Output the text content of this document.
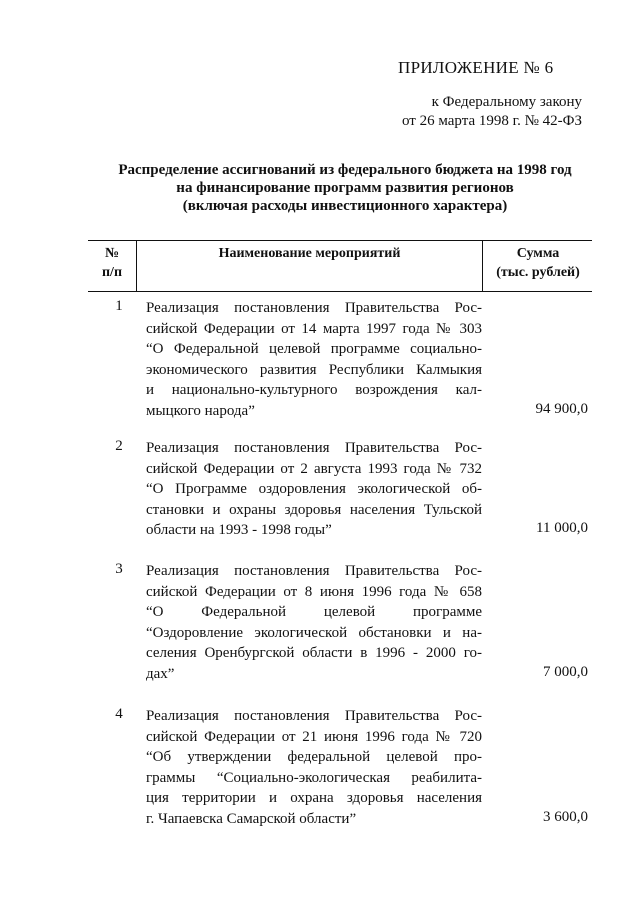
ПРИЛОЖЕНИЕ № 6
к Федеральному закону
от 26 марта 1998 г. № 42-ФЗ
Распределение ассигнований из федерального бюджета на 1998 год
на финансирование программ развития регионов
(включая расходы инвестиционного характера)
№
п/п
Наименование мероприятий	Сумма
(тыс. рублей)
1	Реализация постановления Правительства Рос-
сийской Федерации от 14 марта 1997 года № 303
“О Федеральной целевой программе социально-
экономического развития Республики Калмыкия
и национально-культурного возрождения кал-
мыцкого народа”	94 900,0
2	Реализация постановления Правительства Рос-
сийской Федерации от 2 августа 1993 года № 732
“О Программе оздоровления экологической об-
становки и охраны здоровья населения Тульской
области на 1993 - 1998 годы”	11 000,0
3	Реализация постановления Правительства Рос-
сийской Федерации от 8 июня 1996 года № 658
“О Федеральной целевой программе
“Оздоровление экологической обстановки и на-
селения Оренбургской области в 1996 - 2000 го-
дах”	7 000,0
4	Реализация постановления Правительства Рос-
сийской Федерации от 21 июня 1996 года № 720
“Об утверждении федеральной целевой про-
граммы “Социально-экологическая реабилита-
ция территории и охрана здоровья населения
г. Чапаевска Самарской области”	3 600,0
